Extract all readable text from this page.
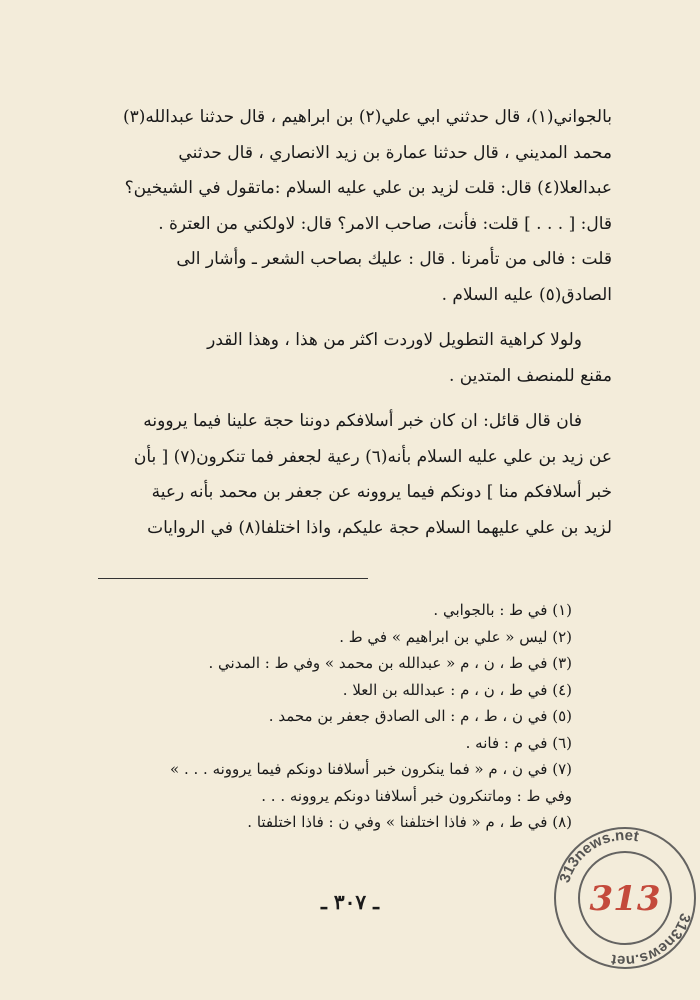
بالجواني(١)، قال حدثني ابي علي(٢) بن ابراهيم ، قال حدثنا عبدالله(٣)
محمد المديني ، قال حدثنا عمارة بن زيد الانصاري ، قال حدثني
عبدالعلا(٤) قال: قلت لزيد بن علي عليه السلام :ماتقول في الشيخين؟
قال: [ . . . ] قلت: فأنت، صاحب الامر؟ قال: لاولكني من العترة .
قلت : فالى من تأمرنا . قال : عليك بصاحب الشعر ـ وأشار الى
الصادق(٥) عليه السلام .

ولولا كراهية التطويل لاوردت اكثر من هذا ، وهذا القدر
مقنع للمنصف المتدين .

فان قال قائل: ان كان خبر أسلافكم دوننا حجة علينا فيما يروونه
عن زيد بن علي عليه السلام بأنه(٦) رعية لجعفر فما تنكرون(٧) [ بأن
خبر أسلافكم منا ] دونكم فيما يروونه عن جعفر بن محمد بأنه رعية
لزيد بن علي عليهما السلام حجة عليكم، واذا اختلفا(٨) في الروايات

(١) في ط : بالجوابي .
(٢) ليس « علي بن ابراهيم » في ط .
(٣) في ط ، ن ، م « عبدالله بن محمد » وفي ط : المدني .
(٤) في ط ، ن ، م : عبدالله بن العلا .
(٥) في ن ، ط ، م : الى الصادق جعفر بن محمد .
(٦) في م : فانه .
(٧) في ن ، م « فما ينكرون خبر أسلافنا دونكم فيما يروونه . . . »
وفي ط : وماتنكرون خبر أسلافنا دونكم يروونه . . .
(٨) في ط ، م « فاذا اختلفنا » وفي ن : فاذا اختلفتا .
ـ ٣٠٧ ـ
313news.net
313news.net
313
